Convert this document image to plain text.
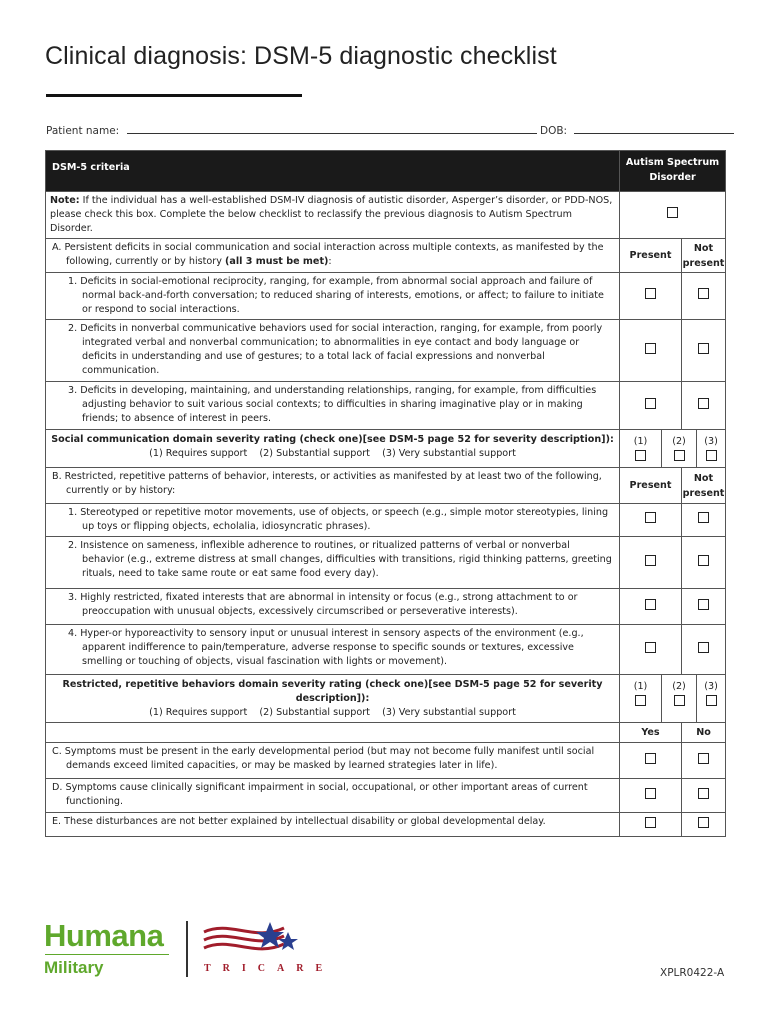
Clinical diagnosis: DSM-5 diagnostic checklist
Patient name:	DOB:
DSM-5 criteria	Autism Spectrum Disorder			
Note: If the individual has a well-established DSM-IV diagnosis of autistic disorder, Asperger’s disorder, or PDD-NOS, please check this box. Complete the below checklist to reclassify the previous diagnosis to Autism Spectrum Disorder.				
A. Persistent deficits in social communication and social interaction across multiple contexts, as manifested by the following, currently or by history (all 3 must be met):	Present		Not present	
1. Deficits in social-emotional reciprocity, ranging, for example, from abnormal social approach and failure of normal back-and-forth conversation; to reduced sharing of interests, emotions, or affect; to failure to initiate or respond to social interactions.				
2. Deficits in nonverbal communicative behaviors used for social interaction, ranging, for example, from poorly integrated verbal and nonverbal communication; to abnormalities in eye contact and body language or deficits in understanding and use of gestures; to a total lack of facial expressions and nonverbal communication.				
3. Deficits in developing, maintaining, and understanding relationships, ranging, for example, from difficulties adjusting behavior to suit various social contexts; to difficulties in sharing imaginative play or in making friends; to absence of interest in peers.				

Social communication domain severity rating (check one)[see DSM-5 page 52 for severity description]):
(1) Requires support    (2) Substantial support    (3) Very substantial support	(1)	(2)		(3)

B. Restricted, repetitive patterns of behavior, interests, or activities as manifested by at least two of the following, currently or by history:	Present		Not present	
1. Stereotyped or repetitive motor movements, use of objects, or speech (e.g., simple motor stereotypies, lining up toys or flipping objects, echolalia, idiosyncratic phrases).				
2. Insistence on sameness, inflexible adherence to routines, or ritualized patterns of verbal or nonverbal behavior (e.g., extreme distress at small changes, difficulties with transitions, rigid thinking patterns, greeting rituals, need to take same route or eat same food every day).				
3. Highly restricted, fixated interests that are abnormal in intensity or focus (e.g., strong attachment to or preoccupation with unusual objects, excessively circumscribed or perseverative interests).				
4. Hyper-or hyporeactivity to sensory input or unusual interest in sensory aspects of the environment (e.g., apparent indifference to pain/temperature, adverse response to specific sounds or textures, excessive smelling or touching of objects, visual fascination with lights or movement).				

Restricted, repetitive behaviors domain severity rating (check one)[see DSM-5 page 52 for severity description]):
(1) Requires support    (2) Substantial support    (3) Very substantial support	(1)	(2)		(3)

	Yes		No	
C. Symptoms must be present in the early developmental period (but may not become fully manifest until social demands exceed limited capacities, or may be masked by learned strategies later in life).				
D. Symptoms cause clinically significant impairment in social, occupational, or other important areas of current functioning.				
E. These disturbances are not better explained by intellectual disability or global developmental delay.				
Humana
Military	TRICARE	XPLR0422-A
